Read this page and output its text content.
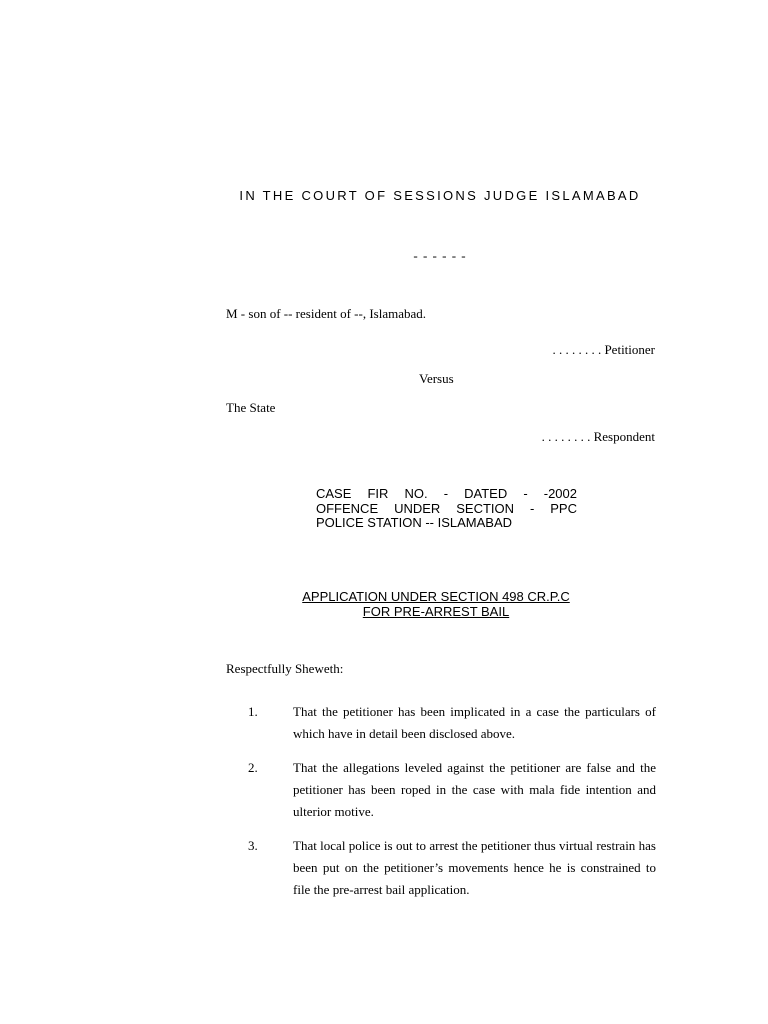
IN THE COURT OF SESSIONS JUDGE ISLAMABAD
- - - - - -
M - son of -- resident of --, Islamabad.
. . . . . . . . Petitioner
Versus
The State
. . . . . . . . Respondent
CASE FIR NO. - DATED - -2002
OFFENCE UNDER SECTION - PPC
POLICE STATION -- ISLAMABAD
APPLICATION UNDER SECTION 498 CR.P.C
FOR PRE-ARREST BAIL
Respectfully Sheweth:
1.	That the petitioner has been implicated in a case the particulars of which have in detail been disclosed above.
2.	That the allegations leveled against the petitioner are false and the petitioner has been roped in the case with mala fide intention and ulterior motive.
3.	That local police is out to arrest the petitioner thus virtual restrain has been put on the petitioner’s movements hence he is constrained to file the pre-arrest bail application.
